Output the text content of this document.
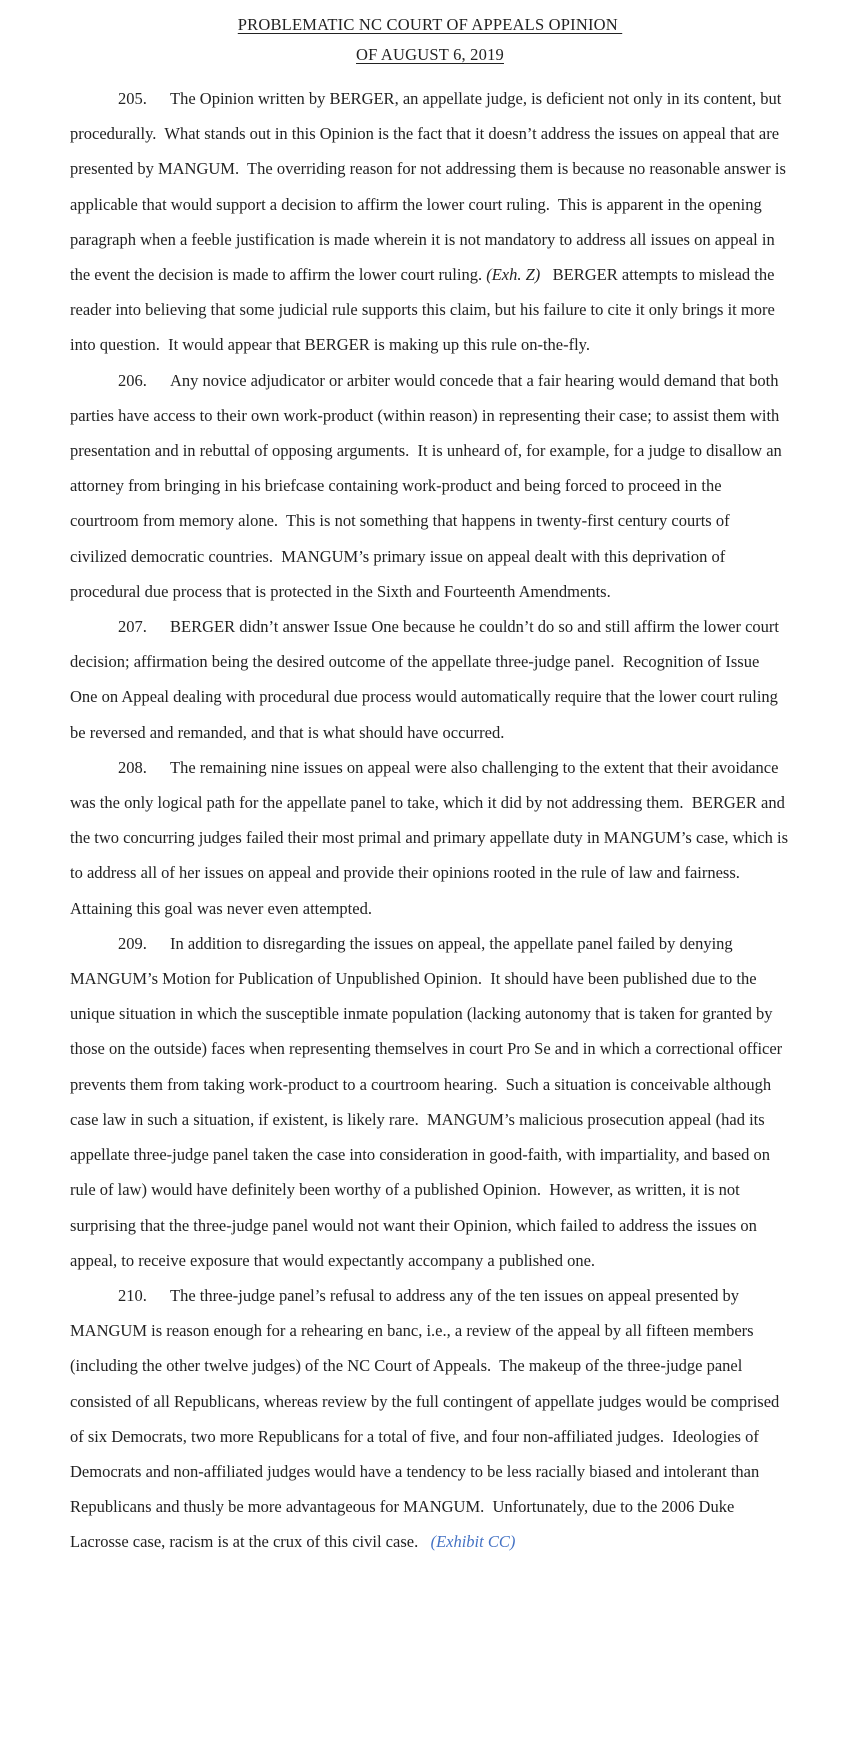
PROBLEMATIC NC COURT OF APPEALS OPINION
OF AUGUST 6, 2019

205. The Opinion written by BERGER, an appellate judge, is deficient not only in its content, but procedurally.  What stands out in this Opinion is the fact that it doesn’t address the issues on appeal that are presented by MANGUM.  The overriding reason for not addressing them is because no reasonable answer is applicable that would support a decision to affirm the lower court ruling.  This is apparent in the opening paragraph when a feeble justification is made wherein it is not mandatory to address all issues on appeal in the event the decision is made to affirm the lower court ruling. (Exh. Z)   BERGER attempts to mislead the reader into believing that some judicial rule supports this claim, but his failure to cite it only brings it more into question.  It would appear that BERGER is making up this rule on-the-fly.

206. Any novice adjudicator or arbiter would concede that a fair hearing would demand that both parties have access to their own work-product (within reason) in representing their case; to assist them with presentation and in rebuttal of opposing arguments.  It is unheard of, for example, for a judge to disallow an attorney from bringing in his briefcase containing work-product and being forced to proceed in the courtroom from memory alone.  This is not something that happens in twenty-first century courts of civilized democratic countries.  MANGUM’s primary issue on appeal dealt with this deprivation of procedural due process that is protected in the Sixth and Fourteenth Amendments.

207. BERGER didn’t answer Issue One because he couldn’t do so and still affirm the lower court decision; affirmation being the desired outcome of the appellate three-judge panel.  Recognition of Issue One on Appeal dealing with procedural due process would automatically require that the lower court ruling be reversed and remanded, and that is what should have occurred.

208. The remaining nine issues on appeal were also challenging to the extent that their avoidance was the only logical path for the appellate panel to take, which it did by not addressing them.  BERGER and the two concurring judges failed their most primal and primary appellate duty in MANGUM’s case, which is to address all of her issues on appeal and provide their opinions rooted in the rule of law and fairness.  Attaining this goal was never even attempted.

209. In addition to disregarding the issues on appeal, the appellate panel failed by denying MANGUM’s Motion for Publication of Unpublished Opinion.  It should have been published due to the unique situation in which the susceptible inmate population (lacking autonomy that is taken for granted by those on the outside) faces when representing themselves in court Pro Se and in which a correctional officer prevents them from taking work-product to a courtroom hearing.  Such a situation is conceivable although case law in such a situation, if existent, is likely rare.  MANGUM’s malicious prosecution appeal (had its appellate three-judge panel taken the case into consideration in good-faith, with impartiality, and based on rule of law) would have definitely been worthy of a published Opinion.  However, as written, it is not surprising that the three-judge panel would not want their Opinion, which failed to address the issues on appeal, to receive exposure that would expectantly accompany a published one.

210. The three-judge panel’s refusal to address any of the ten issues on appeal presented by MANGUM is reason enough for a rehearing en banc, i.e., a review of the appeal by all fifteen members (including the other twelve judges) of the NC Court of Appeals.  The makeup of the three-judge panel consisted of all Republicans, whereas review by the full contingent of appellate judges would be comprised of six Democrats, two more Republicans for a total of five, and four non-affiliated judges.  Ideologies of Democrats and non-affiliated judges would have a tendency to be less racially biased and intolerant than Republicans and thusly be more advantageous for MANGUM.  Unfortunately, due to the 2006 Duke Lacrosse case, racism is at the crux of this civil case.   (Exhibit CC)
